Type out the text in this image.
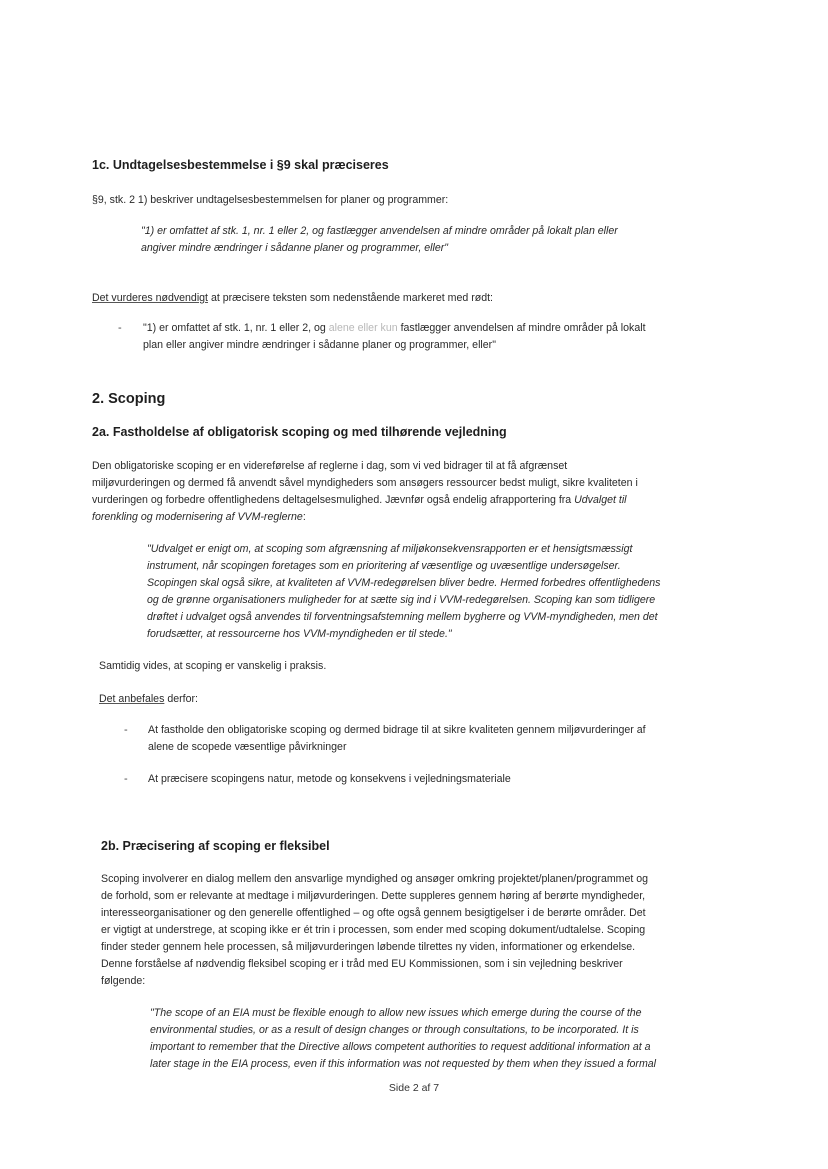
1c. Undtagelsesbestemmelse i §9 skal præciseres
§9, stk. 2 1) beskriver undtagelsesbestemmelsen for planer og programmer:
"1) er omfattet af stk. 1, nr. 1 eller 2, og fastlægger anvendelsen af mindre områder på lokalt plan eller
angiver mindre ændringer i sådanne planer og programmer, eller"
Det vurderes nødvendigt at præcisere teksten som nedenstående markeret med rødt:
- "1) er omfattet af stk. 1, nr. 1 eller 2, og alene eller kun fastlægger anvendelsen af mindre områder på lokalt
plan eller angiver mindre ændringer i sådanne planer og programmer, eller"
2. Scoping
2a. Fastholdelse af obligatorisk scoping og med tilhørende vejledning
Den obligatoriske scoping er en videreførelse af reglerne i dag, som vi ved bidrager til at få afgrænset
miljøvurderingen og dermed få anvendt såvel myndigheders som ansøgers ressourcer bedst muligt, sikre kvaliteten i
vurderingen og forbedre offentlighedens deltagelsesmulighed. Jævnfør også endelig afrapportering fra Udvalget til
forenkling og modernisering af VVM-reglerne:
"Udvalget er enigt om, at scoping som afgrænsning af miljøkonsekvensrapporten er et hensigtsmæssigt
instrument, når scopingen foretages som en prioritering af væsentlige og uvæsentlige undersøgelser.
Scopingen skal også sikre, at kvaliteten af VVM-redegørelsen bliver bedre. Hermed forbedres offentlighedens
og de grønne organisationers muligheder for at sætte sig ind i VVM-redegørelsen. Scoping kan som tidligere
drøftet i udvalget også anvendes til forventningsafstemning mellem bygherre og VVM-myndigheden, men det
forudsætter, at ressourcerne hos VVM-myndigheden er til stede."
Samtidig vides, at scoping er vanskelig i praksis.
Det anbefales derfor:
- At fastholde den obligatoriske scoping og dermed bidrage til at sikre kvaliteten gennem miljøvurderinger af
alene de scopede væsentlige påvirkninger
- At præcisere scopingens natur, metode og konsekvens i vejledningsmateriale
2b. Præcisering af scoping er fleksibel
Scoping involverer en dialog mellem den ansvarlige myndighed og ansøger omkring projektet/planen/programmet og
de forhold, som er relevante at medtage i miljøvurderingen. Dette suppleres gennem høring af berørte myndigheder,
interesseorganisationer og den generelle offentlighed – og ofte også gennem besigtigelser i de berørte områder. Det
er vigtigt at understrege, at scoping ikke er ét trin i processen, som ender med scoping dokument/udtalelse. Scoping
finder steder gennem hele processen, så miljøvurderingen løbende tilrettes ny viden, informationer og erkendelse.
Denne forståelse af nødvendig fleksibel scoping er i tråd med EU Kommissionen, som i sin vejledning beskriver
følgende:
"The scope of an EIA must be flexible enough to allow new issues which emerge during the course of the
environmental studies, or as a result of design changes or through consultations, to be incorporated. It is
important to remember that the Directive allows competent authorities to request additional information at a
later stage in the EIA process, even if this information was not requested by them when they issued a formal
Side 2 af 7
